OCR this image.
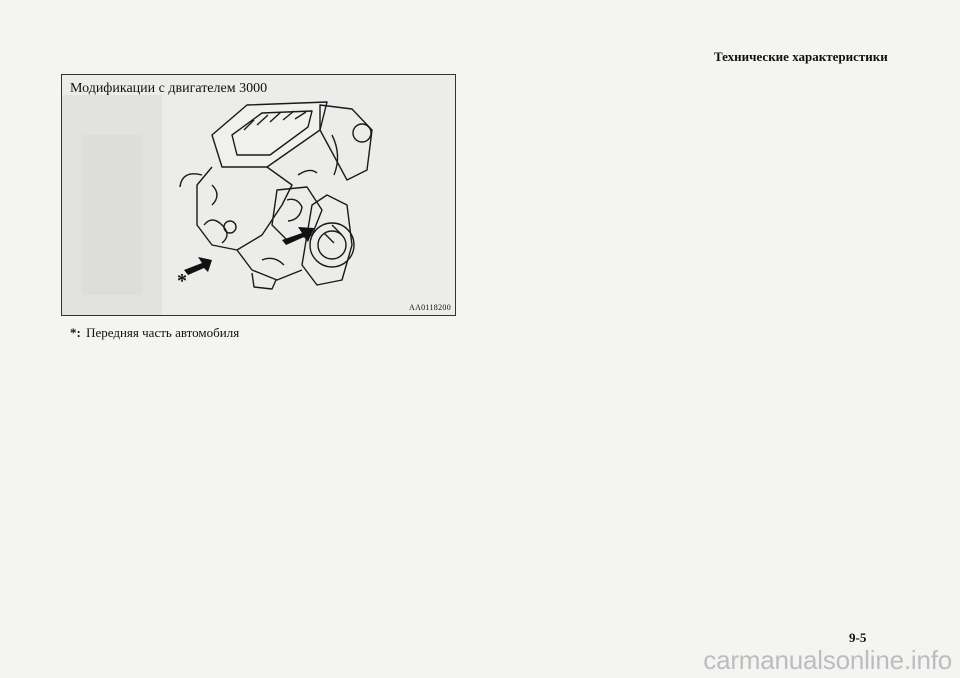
Технические характеристики
Модификации с двигателем 3000
*
AA0118200
*: Передняя часть автомобиля
9-5
carmanualsonline.info
